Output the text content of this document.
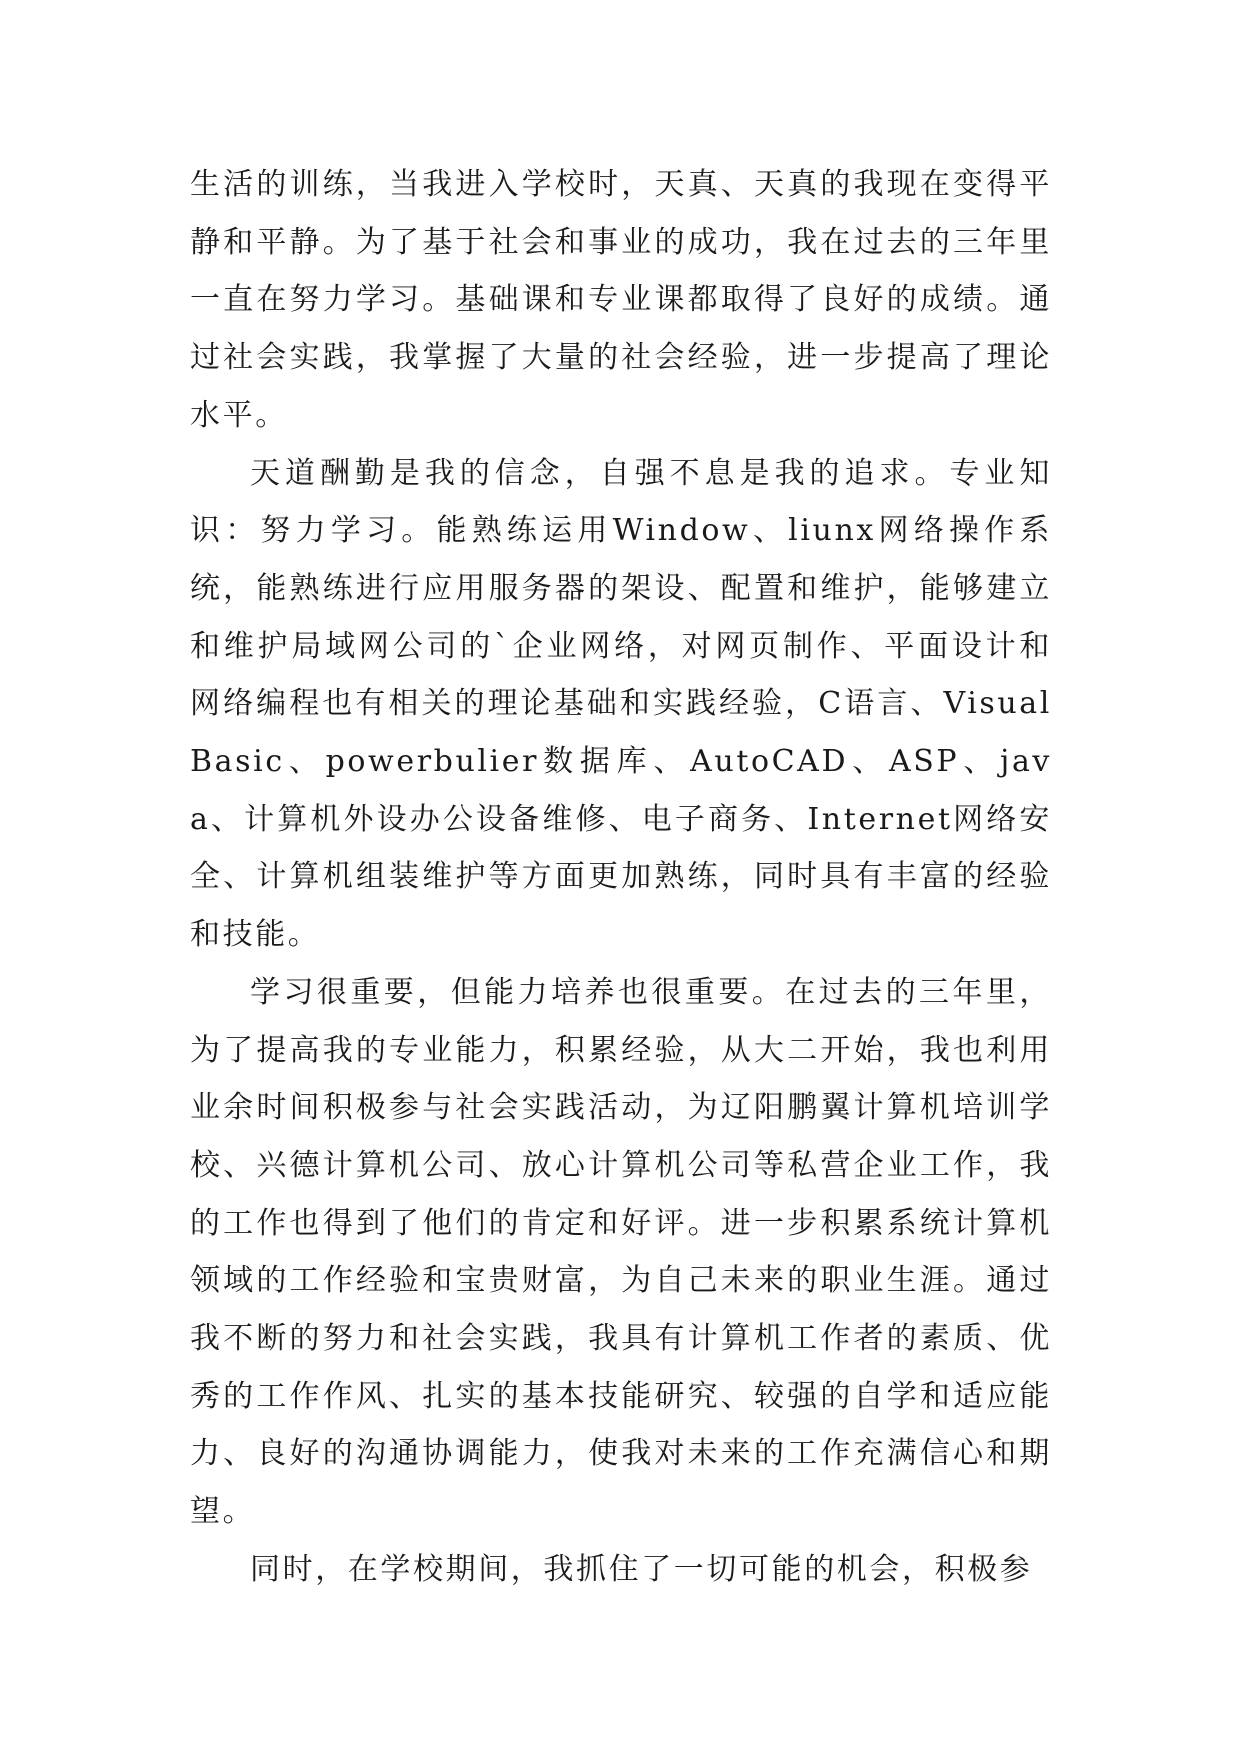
生活的训练，当我进入学校时，天真、天真的我现在变得平静和平静。为了基于社会和事业的成功，我在过去的三年里一直在努力学习。基础课和专业课都取得了良好的成绩。通过社会实践，我掌握了大量的社会经验，进一步提高了理论水平。

天道酬勤是我的信念，自强不息是我的追求。专业知识：努力学习。能熟练运用Window、liunx网络操作系统，能熟练进行应用服务器的架设、配置和维护，能够建立和维护局域网公司的`企业网络，对网页制作、平面设计和网络编程也有相关的理论基础和实践经验，C语言、VisualBasic、powerbulier数据库、AutoCAD、ASP、java、计算机外设办公设备维修、电子商务、Internet网络安全、计算机组装维护等方面更加熟练，同时具有丰富的经验和技能。

学习很重要，但能力培养也很重要。在过去的三年里，为了提高我的专业能力，积累经验，从大二开始，我也利用业余时间积极参与社会实践活动，为辽阳鹏翼计算机培训学校、兴德计算机公司、放心计算机公司等私营企业工作，我的工作也得到了他们的肯定和好评。进一步积累系统计算机领域的工作经验和宝贵财富，为自己未来的职业生涯。通过我不断的努力和社会实践，我具有计算机工作者的素质、优秀的工作作风、扎实的基本技能研究、较强的自学和适应能力、良好的沟通协调能力，使我对未来的工作充满信心和期望。

同时，在学校期间，我抓住了一切可能的机会，积极参
